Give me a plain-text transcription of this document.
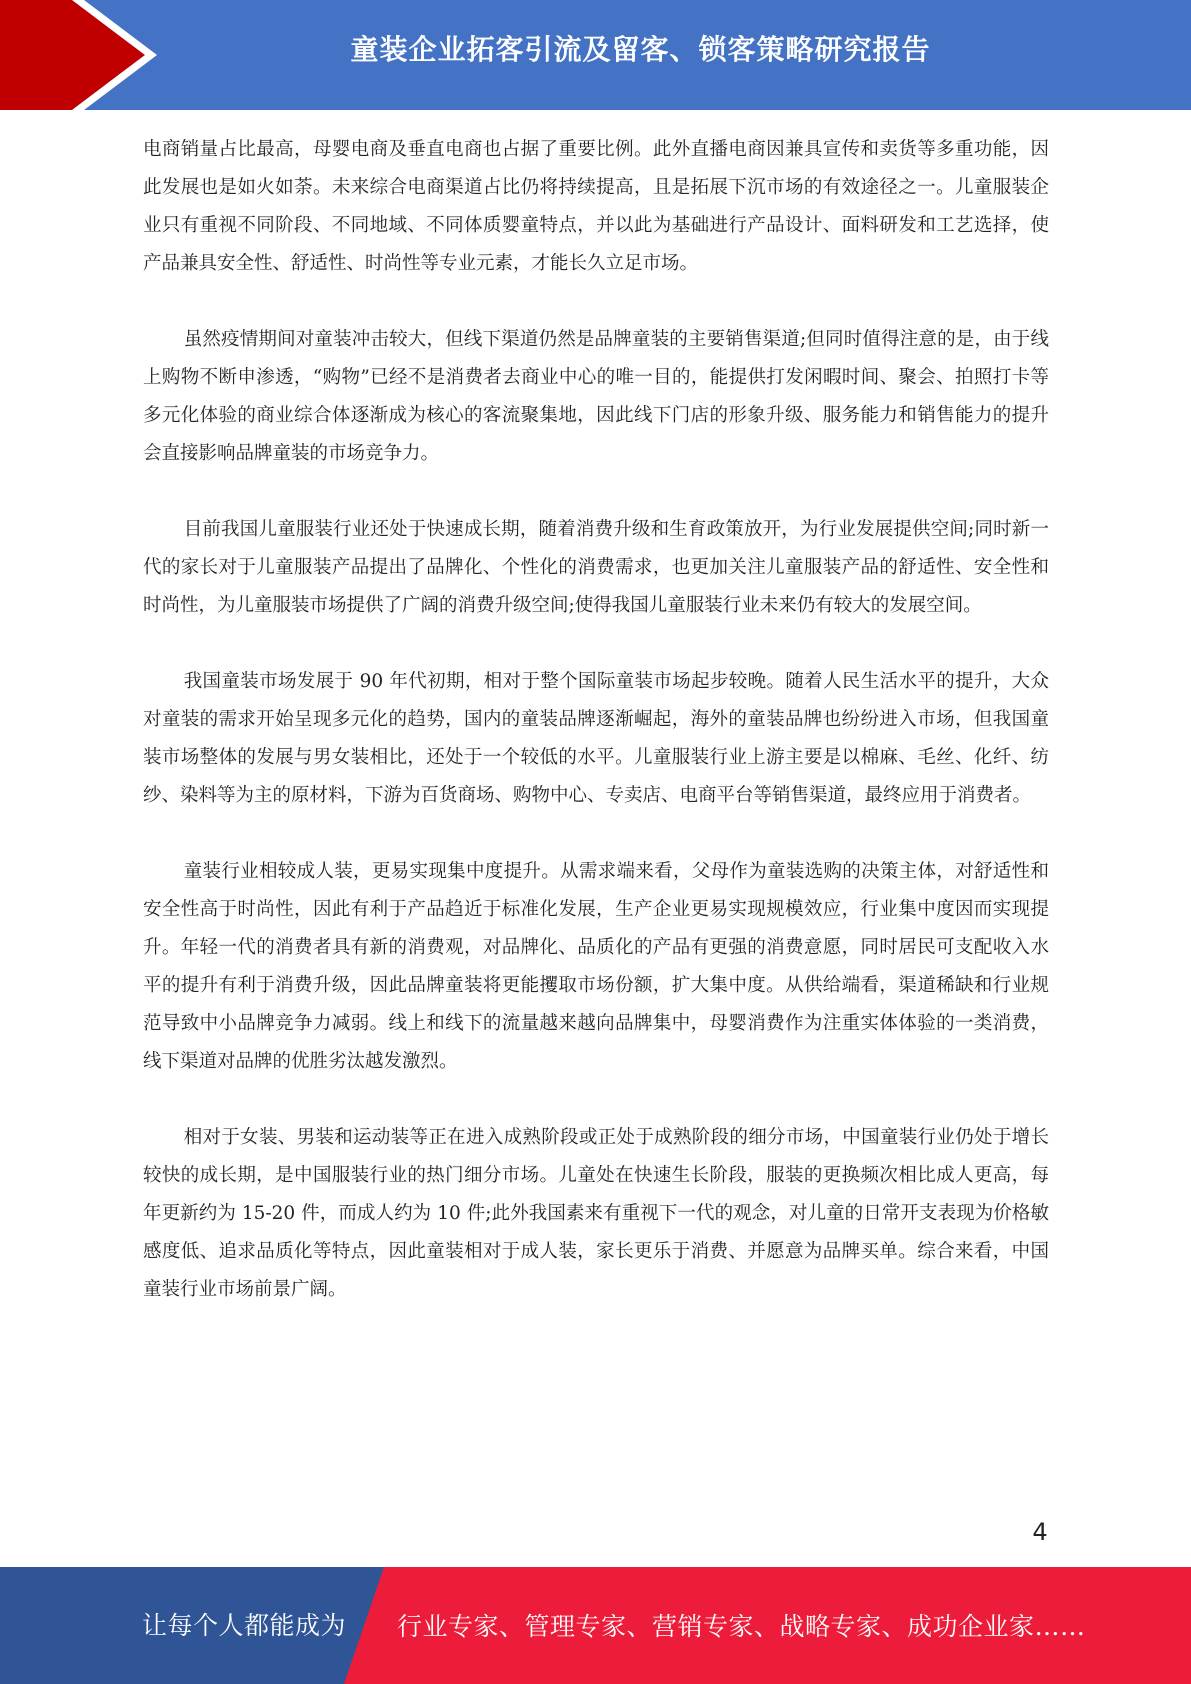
童装企业拓客引流及留客、锁客策略研究报告

电商销量占比最高，母婴电商及垂直电商也占据了重要比例。此外直播电商因兼具宣传和卖货等多重功能，因此发展也是如火如荼。未来综合电商渠道占比仍将持续提高，且是拓展下沉市场的有效途径之一。儿童服装企业只有重视不同阶段、不同地域、不同体质婴童特点，并以此为基础进行产品设计、面料研发和工艺选择，使产品兼具安全性、舒适性、时尚性等专业元素，才能长久立足市场。

虽然疫情期间对童装冲击较大，但线下渠道仍然是品牌童装的主要销售渠道;但同时值得注意的是，由于线上购物不断申渗透，“购物”已经不是消费者去商业中心的唯一目的，能提供打发闲暇时间、聚会、拍照打卡等多元化体验的商业综合体逐渐成为核心的客流聚集地，因此线下门店的形象升级、服务能力和销售能力的提升会直接影响品牌童装的市场竞争力。

目前我国儿童服装行业还处于快速成长期，随着消费升级和生育政策放开，为行业发展提供空间;同时新一代的家长对于儿童服装产品提出了品牌化、个性化的消费需求，也更加关注儿童服装产品的舒适性、安全性和时尚性，为儿童服装市场提供了广阔的消费升级空间;使得我国儿童服装行业未来仍有较大的发展空间。

我国童装市场发展于 90 年代初期，相对于整个国际童装市场起步较晚。随着人民生活水平的提升，大众对童装的需求开始呈现多元化的趋势，国内的童装品牌逐渐崛起，海外的童装品牌也纷纷进入市场，但我国童装市场整体的发展与男女装相比，还处于一个较低的水平。儿童服装行业上游主要是以棉麻、毛丝、化纤、纺纱、染料等为主的原材料，下游为百货商场、购物中心、专卖店、电商平台等销售渠道，最终应用于消费者。

童装行业相较成人装，更易实现集中度提升。从需求端来看，父母作为童装选购的决策主体，对舒适性和安全性高于时尚性，因此有利于产品趋近于标准化发展，生产企业更易实现规模效应，行业集中度因而实现提升。年轻一代的消费者具有新的消费观，对品牌化、品质化的产品有更强的消费意愿，同时居民可支配收入水平的提升有利于消费升级，因此品牌童装将更能攫取市场份额，扩大集中度。从供给端看，渠道稀缺和行业规范导致中小品牌竞争力减弱。线上和线下的流量越来越向品牌集中，母婴消费作为注重实体体验的一类消费，线下渠道对品牌的优胜劣汰越发激烈。

相对于女装、男装和运动装等正在进入成熟阶段或正处于成熟阶段的细分市场，中国童装行业仍处于增长较快的成长期，是中国服装行业的热门细分市场。儿童处在快速生长阶段，服装的更换频次相比成人更高，每年更新约为 15-20 件，而成人约为 10 件;此外我国素来有重视下一代的观念，对儿童的日常开支表现为价格敏感度低、追求品质化等特点，因此童装相对于成人装，家长更乐于消费、并愿意为品牌买单。综合来看，中国童装行业市场前景广阔。

4
让每个人都能成为 行业专家、管理专家、营销专家、战略专家、成功企业家……
